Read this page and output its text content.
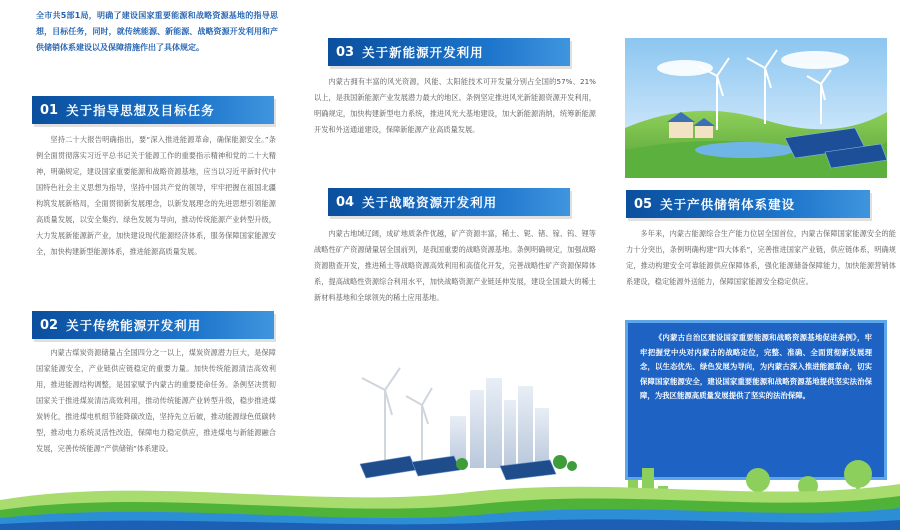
全市共5部1局，明确了建设国家重要能源和战略资源基地的指导思想，目标任务，同时，就传统能源、新能源、战略资源开发利用和产供储销体系建设以及保障措施作出了具体规定。
01 关于指导思想及目标任务

坚持二十大报告明确指出，要“深入推进能源革命，确保能源安全。”条例全面贯彻落实习近平总书记关于能源工作的重要指示精神和党的二十大精神，明确规定，建设国家重要能源和战略资源基地，应当以习近平新时代中国特色社会主义思想为指导，坚持中国共产党的领导，牢牢把握在祖国北疆构筑发展新格局，全面贯彻新发展理念，以新发展理念的先进思想引领能源高质量发展，以安全集约、绿色发展为导向，推动传统能源产业转型升级，大力发展新能源新产业，加快建设现代能源经济体系，服务保障国家能源安全，加快构建新型能源体系，推进能源高质量发展。

02 关于传统能源开发利用

内蒙古煤炭资源储量占全国四分之一以上，煤炭资源潜力巨大，是保障国家能源安全，产业链供应链稳定的重要力量。加快传统能源清洁高效利用，推进能源结构调整，是国家赋予内蒙古的重要使命任务。条例坚决贯彻国家关于推进煤炭清洁高效利用，推动传统能源产业转型升级，稳步推进煤炭转化，推进煤电机组节能降碳改造，坚持先立后破，推动能源绿色低碳转型，推动电力系统灵活性改造，保障电力稳定供应，推进煤电与新能源融合发展，完善传统能源“产供储销”体系建设。

03 关于新能源开发利用

内蒙古拥有丰富的风光资源，风能、太阳能技术可开发量分别占全国的57%、21%以上，是我国新能源产业发展潜力最大的地区。条例坚定推进风光新能源资源开发利用，明确规定，加快构建新型电力系统，推进风光大基地建设，加大新能源消纳，统筹新能源开发和外送通道建设，保障新能源产业高质量发展。

04 关于战略资源开发利用

内蒙古地域辽阔，成矿地质条件优越，矿产资源丰富，稀土、铌、锗、镓、钨、锂等战略性矿产资源储量居全国前列，是我国重要的战略资源基地。条例明确规定，加强战略资源勘查开发，推进稀土等战略资源高效利用和高值化开发，完善战略性矿产资源保障体系，提高战略性资源综合利用水平，加快战略资源产业链延伸发展，建设全国最大的稀土新材料基地和全球领先的稀土应用基地。

05 关于产供储销体系建设

多年来，内蒙古能源综合生产能力位居全国首位，内蒙古保障国家能源安全的能力十分突出，条例明确构建“四大体系”，完善推进国家产业链，供应链体系，明确规定，推动构建安全可靠能源供应保障体系，强化能源储备保障能力，加快能源营销体系建设，稳定能源外送能力，保障国家能源安全稳定供应。

《内蒙古自治区建设国家重要能源和战略资源基地促进条例》，牢牢把握党中央对内蒙古的战略定位，完整、准确、全面贯彻新发展理念，以生态优先、绿色发展为导向，为内蒙古深入推进能源革命，切实保障国家能源安全，建设国家重要能源和战略资源基地提供坚实法治保障，为我区能源高质量发展提供了坚实的法治保障。
